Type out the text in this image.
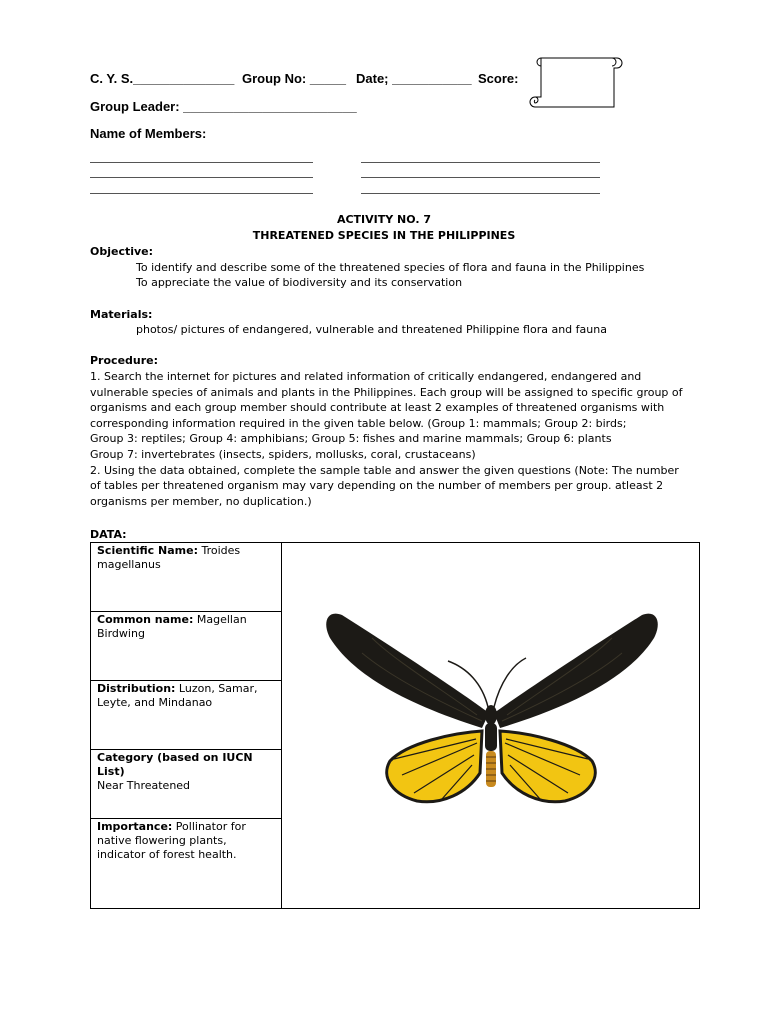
C. Y. S.______________ Group No: _____ Date; ___________ Score:
Group Leader: ________________________
Name of Members:
ACTIVITY NO. 7
THREATENED SPECIES IN THE PHILIPPINES
Objective:
To identify and describe some of the threatened species of flora and fauna in the Philippines
To appreciate the value of biodiversity and its conservation
Materials:
photos/ pictures of endangered, vulnerable and threatened Philippine flora and fauna
Procedure:
1. Search the internet for pictures and related information of critically endangered, endangered and
vulnerable species of animals and plants in the Philippines. Each group will be assigned to specific group of
organisms and each group member should contribute at least 2 examples of threatened organisms with
corresponding information required in the given table below. (Group 1: mammals; Group 2: birds;
Group 3: reptiles; Group 4: amphibians; Group 5: fishes and marine mammals; Group 6: plants
Group 7: invertebrates (insects, spiders, mollusks, coral, crustaceans)
2. Using the data obtained, complete the sample table and answer the given questions (Note: The number
of tables per threatened organism may vary depending on the number of members per group. atleast 2
organisms per member, no duplication.)
DATA:
Scientific Name: Troides
magellanus

Common name: Magellan
Birdwing

Distribution: Luzon, Samar,
Leyte, and Mindanao

Category (based on IUCN List)
Near Threatened

Importance: Pollinator for
native flowering plants,
indicator of forest health.
